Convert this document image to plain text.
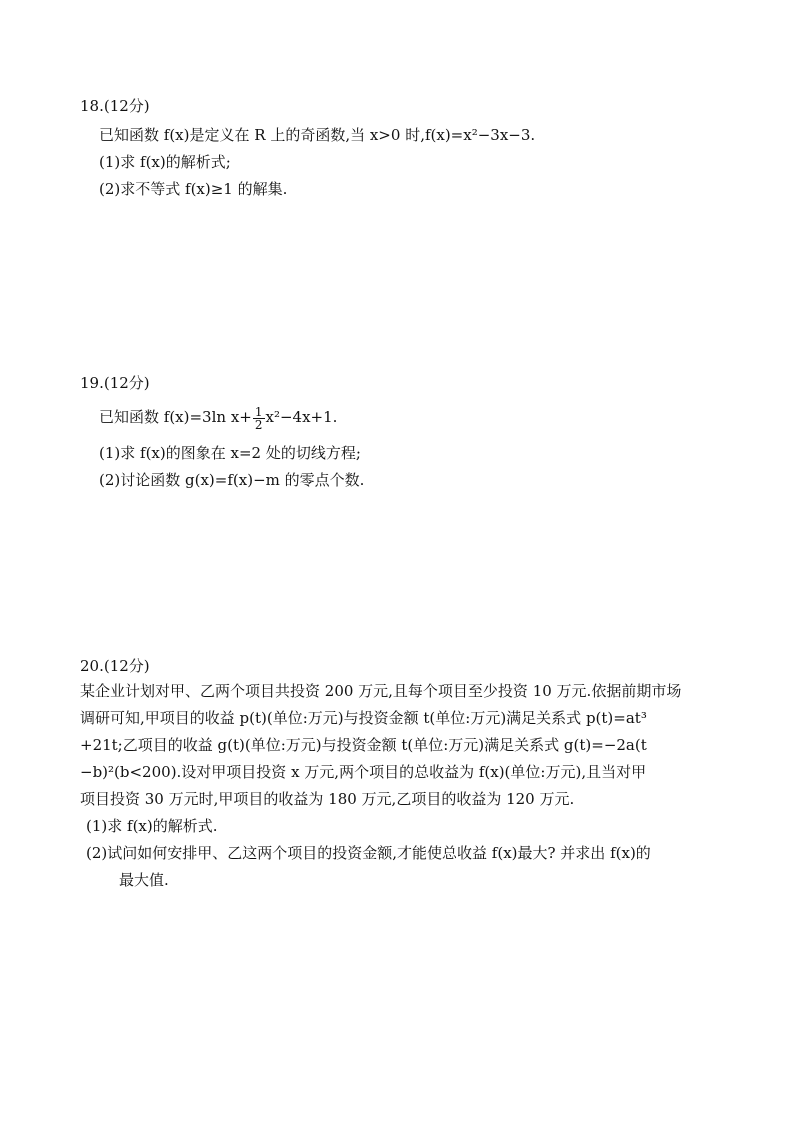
18.(12分)
已知函数 f(x)是定义在 R 上的奇函数,当 x>0 时,f(x)=x²−3x−3.
(1)求 f(x)的解析式;
(2)求不等式 f(x)≥1 的解集.
19.(12分)
已知函数 f(x)=3ln $x+ \frac{1}{2} x^2-4x+1$.
(1)求 f(x)的图象在 x=2 处的切线方程;
(2)讨论函数 g(x)=f(x)−m 的零点个数.
20.(12分)
某企业计划对甲、乙两个项目共投资 200 万元,且每个项目至少投资 10 万元.依据前期市场
调研可知,甲项目的收益 p(t)(单位:万元)与投资金额 t(单位:万元)满足关系式 p(t)=at³
+21t;乙项目的收益 g(t)(单位:万元)与投资金额 t(单位:万元)满足关系式 g(t)=−2a(t
−b)²(b<200).设对甲项目投资 x 万元,两个项目的总收益为 f(x)(单位:万元),且当对甲
项目投资 30 万元时,甲项目的收益为 180 万元,乙项目的收益为 120 万元.
(1)求 f(x)的解析式.
(2)试问如何安排甲、乙这两个项目的投资金额,才能使总收益 f(x)最大? 并求出 f(x)的
最大值.
